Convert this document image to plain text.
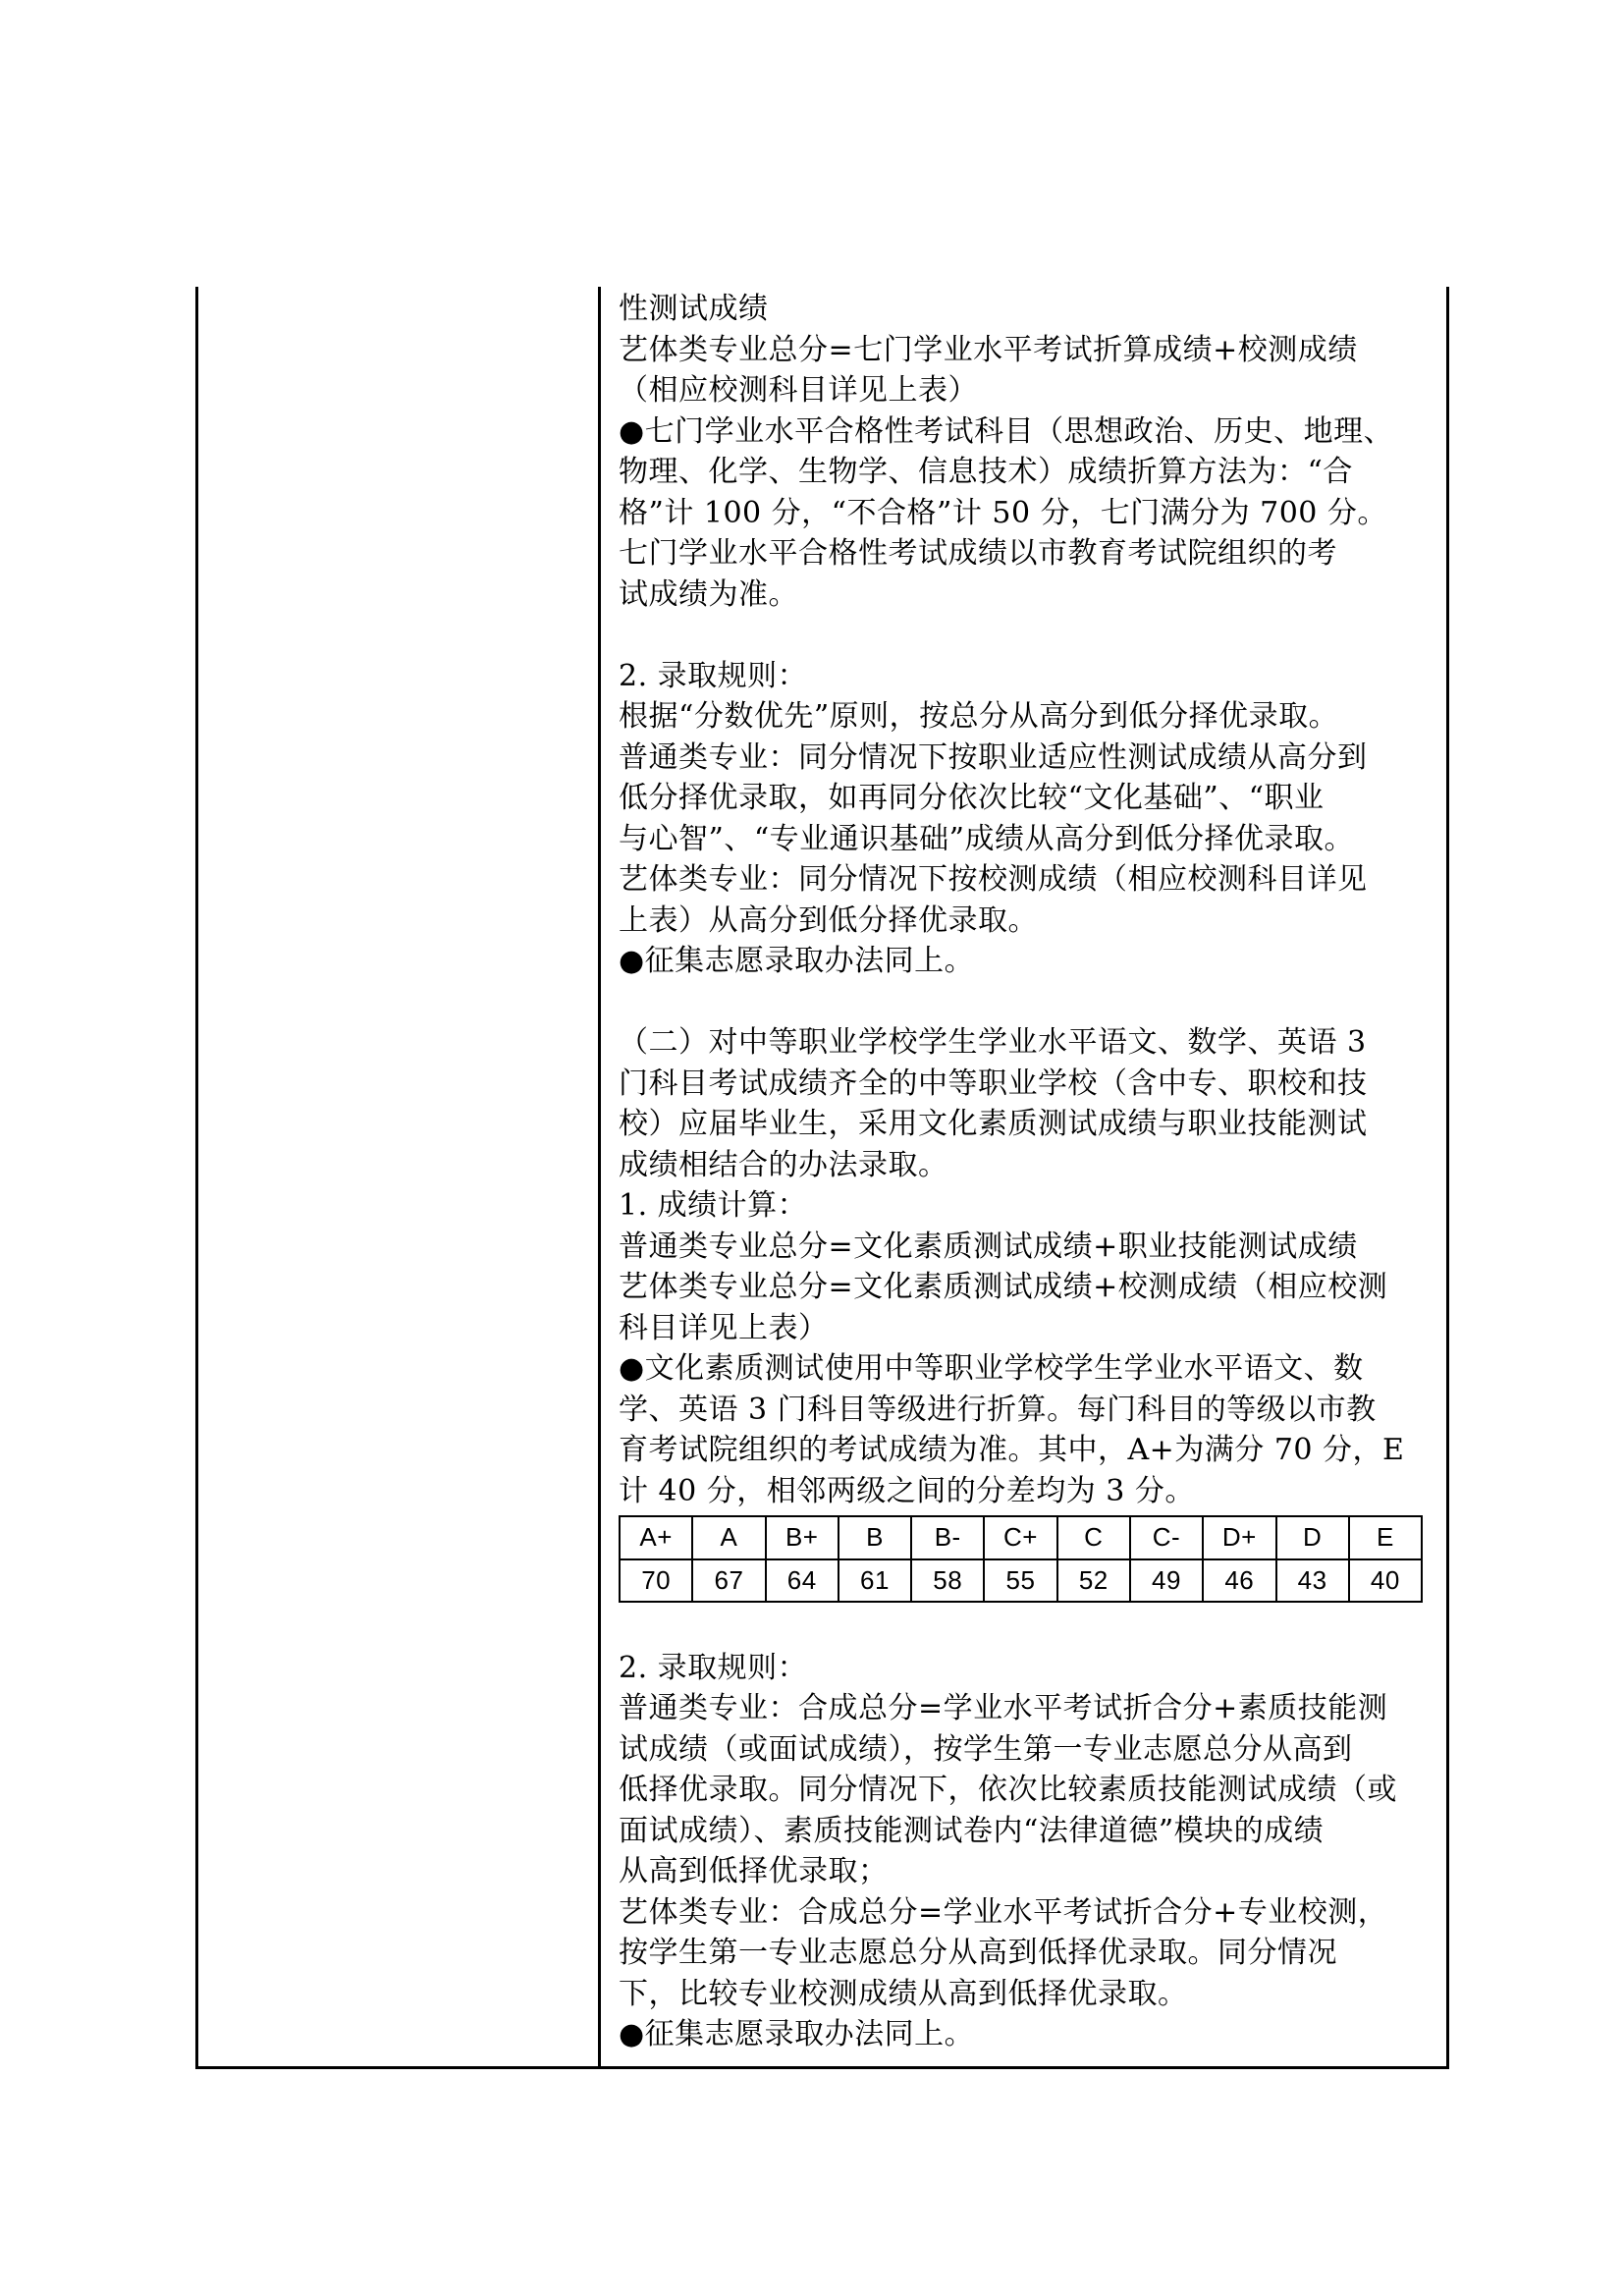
性测试成绩
艺体类专业总分=七门学业水平考试折算成绩+校测成绩
（相应校测科目详见上表）
●七门学业水平合格性考试科目（思想政治、历史、地理、
物理、化学、生物学、信息技术）成绩折算方法为：“合
格”计 100 分，“不合格”计 50 分，七门满分为 700 分。
七门学业水平合格性考试成绩以市教育考试院组织的考
试成绩为准。
2. 录取规则：
根据“分数优先”原则，按总分从高分到低分择优录取。
普通类专业：同分情况下按职业适应性测试成绩从高分到
低分择优录取，如再同分依次比较“文化基础”、“职业
与心智”、“专业通识基础”成绩从高分到低分择优录取。
艺体类专业：同分情况下按校测成绩（相应校测科目详见
上表）从高分到低分择优录取。
●征集志愿录取办法同上。
（二）对中等职业学校学生学业水平语文、数学、英语 3
门科目考试成绩齐全的中等职业学校（含中专、职校和技
校）应届毕业生，采用文化素质测试成绩与职业技能测试
成绩相结合的办法录取。
1. 成绩计算：
普通类专业总分=文化素质测试成绩+职业技能测试成绩
艺体类专业总分=文化素质测试成绩+校测成绩（相应校测
科目详见上表）
●文化素质测试使用中等职业学校学生学业水平语文、数
学、英语 3 门科目等级进行折算。每门科目的等级以市教
育考试院组织的考试成绩为准。其中，A+为满分 70 分，E
计 40 分，相邻两级之间的分差均为 3 分。
A+	A	B+	B	B-	C+	C	C-	D+	D	E
70	67	64	61	58	55	52	49	46	43	40
2. 录取规则：
普通类专业：合成总分=学业水平考试折合分+素质技能测
试成绩（或面试成绩），按学生第一专业志愿总分从高到
低择优录取。同分情况下，依次比较素质技能测试成绩（或
面试成绩）、素质技能测试卷内“法律道德”模块的成绩
从高到低择优录取；
艺体类专业：合成总分=学业水平考试折合分+专业校测，
按学生第一专业志愿总分从高到低择优录取。同分情况
下，比较专业校测成绩从高到低择优录取。
●征集志愿录取办法同上。
